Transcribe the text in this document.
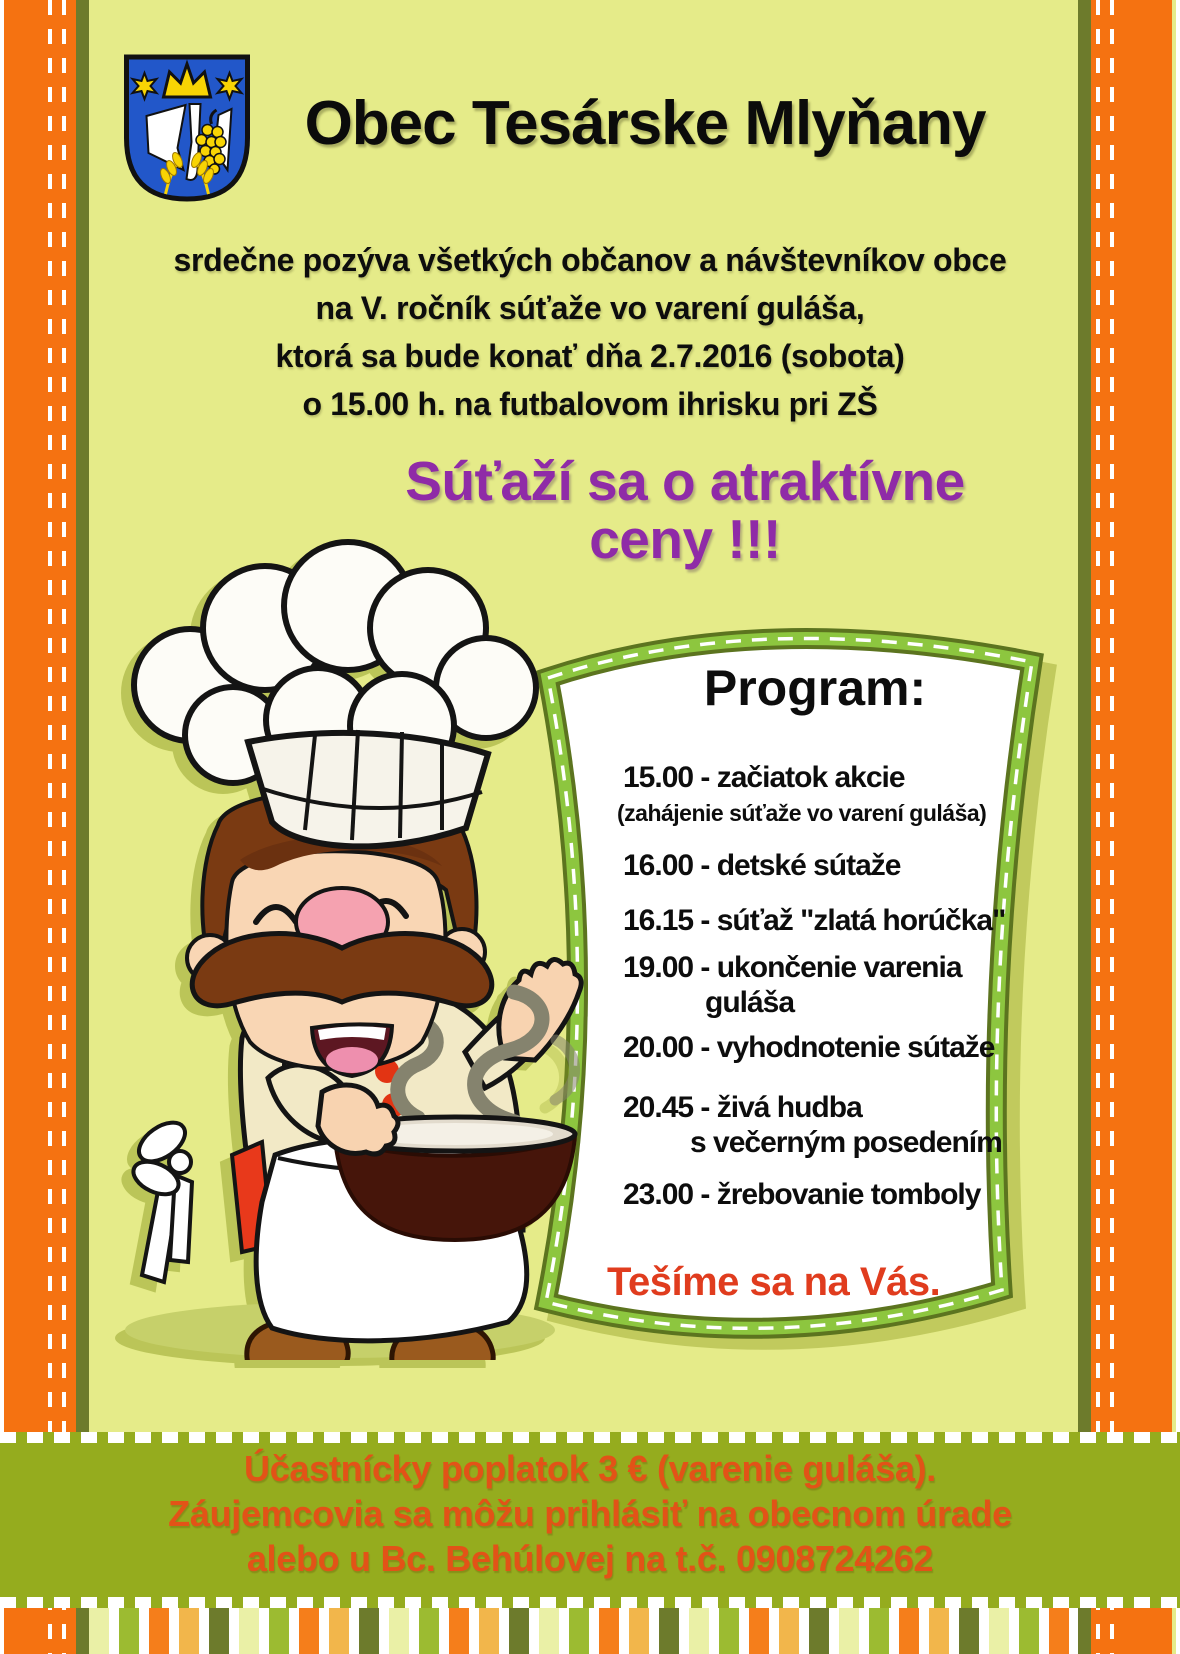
Obec Tesárske Mlyňany
srdečne pozýva všetkých občanov a návštevníkov obce
na V. ročník súťaže vo varení guláša,
ktorá sa bude konať dňa 2.7.2016 (sobota)
o 15.00 h. na futbalovom ihrisku pri ZŠ
Súťaží sa o atraktívne
ceny !!!
Program:
15.00 - začiatok akcie
(zahájenie súťaže vo varení guláša)
16.00 - detské sútaže
16.15 - súťaž "zlatá horúčka"
19.00 - ukončenie varenia
guláša
20.00 - vyhodnotenie sútaže
20.45 - živá hudba
s večerným posedením
23.00 - žrebovanie tomboly
Tešíme sa na Vás.
Účastnícky poplatok 3 € (varenie guláša).
Záujemcovia sa môžu prihlásiť na obecnom úrade
alebo u Bc. Behúlovej na t.č. 0908724262
